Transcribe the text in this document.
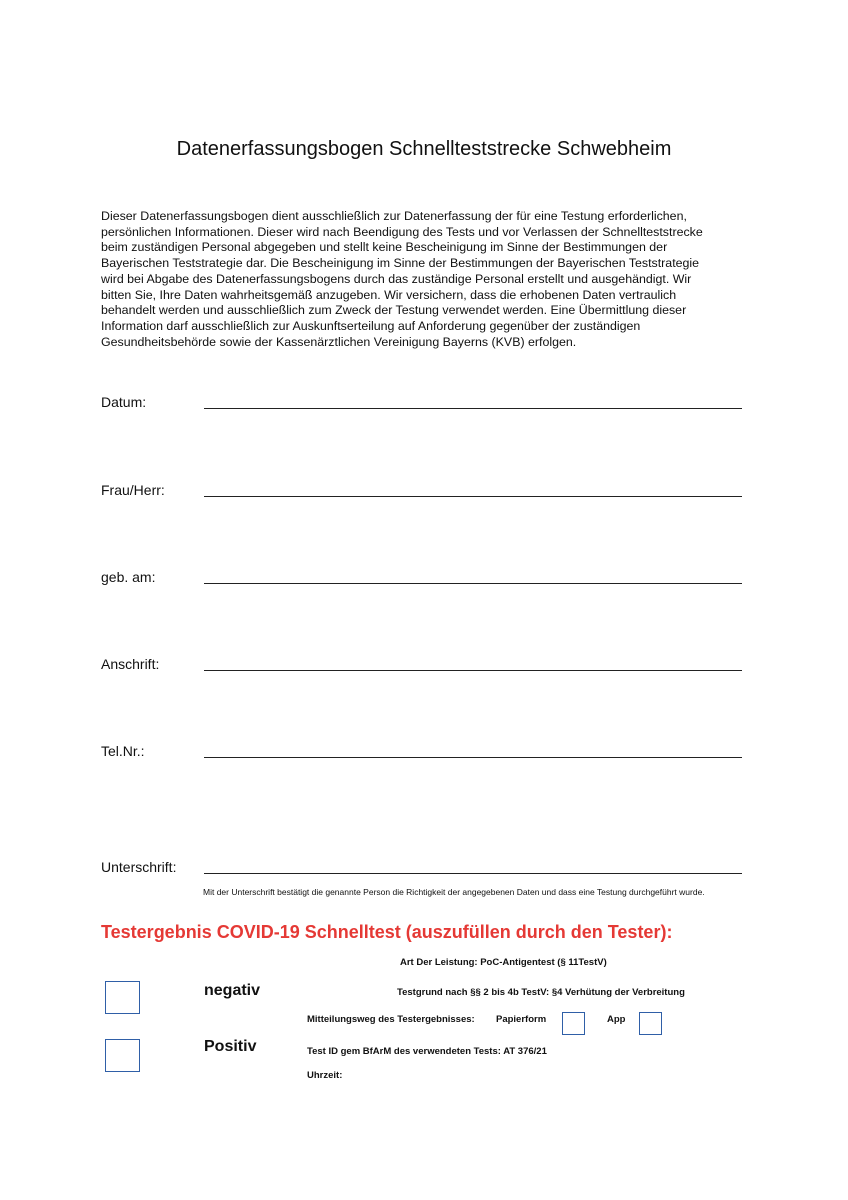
Datenerfassungsbogen Schnellteststrecke Schwebheim
Dieser Datenerfassungsbogen dient ausschließlich zur Datenerfassung der für eine Testung erforderlichen,
persönlichen Informationen. Dieser wird nach Beendigung des Tests und vor Verlassen der Schnellteststrecke
beim zuständigen Personal abgegeben und stellt keine Bescheinigung im Sinne der Bestimmungen der
Bayerischen Teststrategie dar. Die Bescheinigung im Sinne der Bestimmungen der Bayerischen Teststrategie
wird bei Abgabe des Datenerfassungsbogens durch das zuständige Personal erstellt und ausgehändigt. Wir
bitten Sie, Ihre Daten wahrheitsgemäß anzugeben. Wir versichern, dass die erhobenen Daten vertraulich
behandelt werden und ausschließlich zum Zweck der Testung verwendet werden. Eine Übermittlung dieser
Information darf ausschließlich zur Auskunftserteilung auf Anforderung gegenüber der zuständigen
Gesundheitsbehörde sowie der Kassenärztlichen Vereinigung Bayerns (KVB) erfolgen.
Datum:
Frau/Herr:
geb. am:
Anschrift:
Tel.Nr.:
Unterschrift:
Mit der Unterschrift bestätigt die genannte Person die Richtigkeit der angegebenen Daten und dass eine Testung durchgeführt wurde.
Testergebnis COVID-19 Schnelltest (auszufüllen durch den Tester):
Art Der Leistung: PoC-Antigentest (§ 11TestV)
negativ	Testgrund nach §§ 2 bis 4b TestV: §4 Verhütung der Verbreitung
Mitteilungsweg des Testergebnisses: Papierform	App
Positiv	Test ID gem BfArM des verwendeten Tests: AT 376/21
Uhrzeit:
